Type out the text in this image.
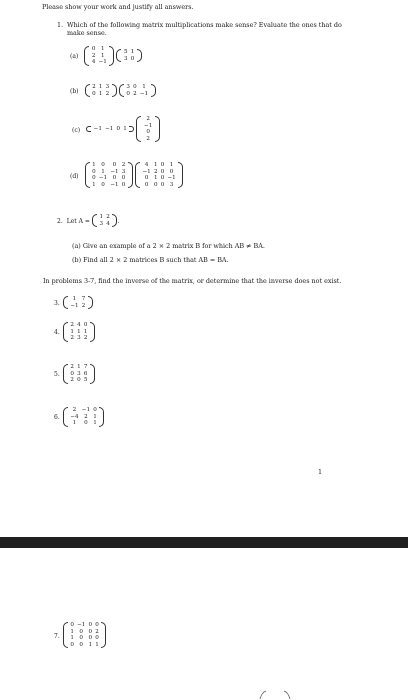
Please show your work and justify all answers.
1. Which of the following matrix multiplications make sense? Evaluate the ones that do
make sense.
(a)
0	1
2	1
4	−1
5	1
3	0
(b)
2	1	3
0	1	2
3	0	1
0	2	−1
(c) −1	−1	0	1
2
−1
0
2
(d)
1	0	0	2
0	1	−1	3
0	−1	0	0
1	0	−1	0
4	1	0	1
−1	2	0	0
0	1	0	−1
0	0	0	3
2. Let A =
1	2
3	4 .
(a) Give an example of a 2 × 2 matrix B for which AB ≠ BA.
(b) Find all 2 × 2 matrices B such that AB = BA.
In problems 3-7, find the inverse of the matrix, or determine that the inverse does not exist.
3.
1	7
−1	2
4.
2	4	0
1	1	1
2	3	2
5.
2	1	7
0	3	6
2	0	5
6.
2	−1	0
−4	2	1
1	0	1
1
7.
0	−1	0	0
1	0	0	2
1	0	0	0
0	0	1	1
